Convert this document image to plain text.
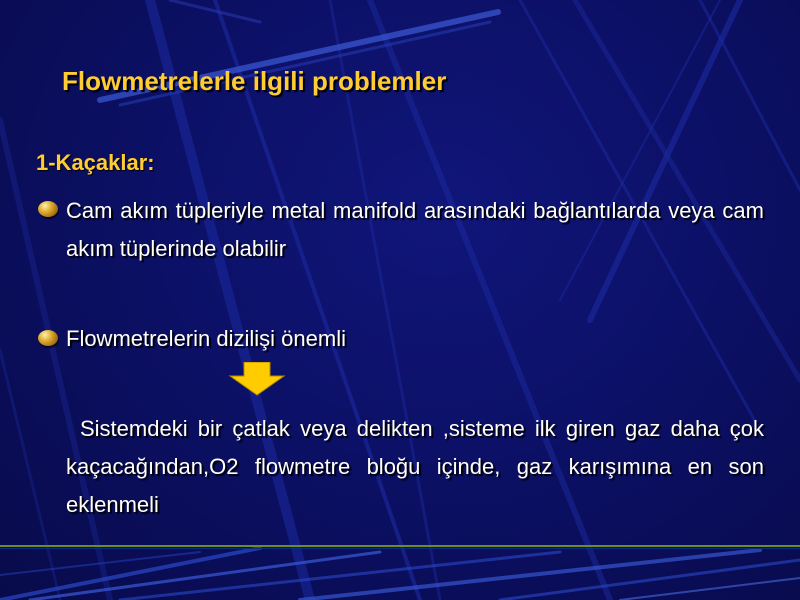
Flowmetrelerle ilgili problemler
1-Kaçaklar:

Cam akım tüpleriyle metal manifold arasındaki bağlantılarda veya cam akım tüplerinde olabilir

Flowmetrelerin dizilişi önemli

Sistemdeki bir çatlak veya delikten ,sisteme ilk giren gaz daha çok kaçacağından,O2 flowmetre bloğu içinde, gaz karışımına en son eklenmeli
